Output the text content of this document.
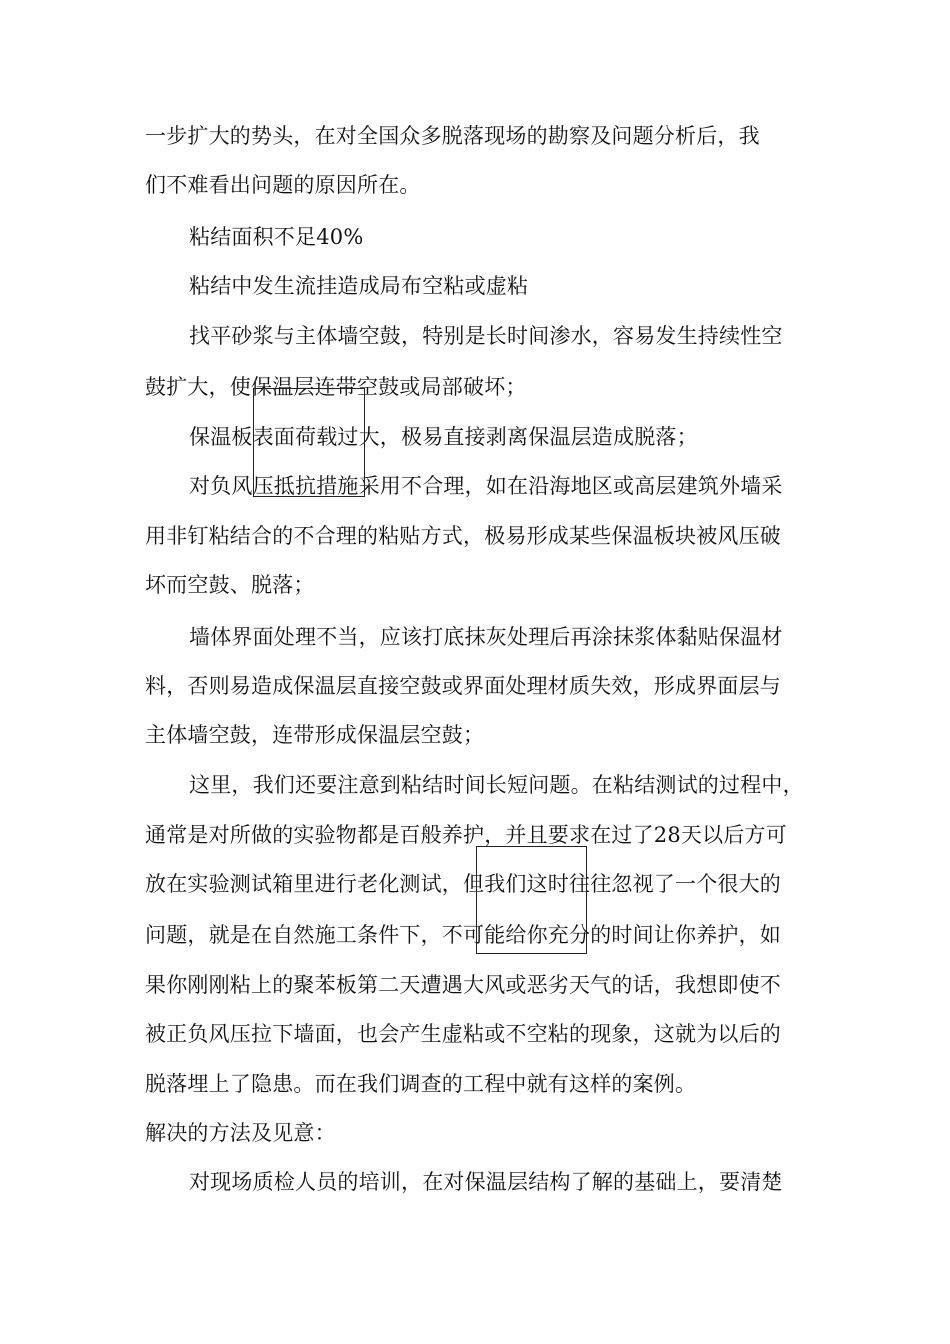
一步扩大的势头，在对全国众多脱落现场的勘察及问题分析后，我
们不难看出问题的原因所在。
粘结面积不足40%
粘结中发生流挂造成局布空粘或虚粘
找平砂浆与主体墙空鼓，特别是长时间渗水，容易发生持续性空
鼓扩大，使保温层连带空鼓或局部破坏；
保温板表面荷载过大，极易直接剥离保温层造成脱落；
对负风压抵抗措施采用不合理，如在沿海地区或高层建筑外墙采
用非钉粘结合的不合理的粘贴方式，极易形成某些保温板块被风压破
坏而空鼓、脱落；
墙体界面处理不当，应该打底抹灰处理后再涂抹浆体黏贴保温材
料，否则易造成保温层直接空鼓或界面处理材质失效，形成界面层与
主体墙空鼓，连带形成保温层空鼓；
这里，我们还要注意到粘结时间长短问题。在粘结测试的过程中，
通常是对所做的实验物都是百般养护，并且要求在过了28天以后方可
放在实验测试箱里进行老化测试，但我们这时往往忽视了一个很大的
问题，就是在自然施工条件下，不可能给你充分的时间让你养护，如
果你刚刚粘上的聚苯板第二天遭遇大风或恶劣天气的话，我想即使不
被正负风压拉下墙面，也会产生虚粘或不空粘的现象，这就为以后的
脱落埋上了隐患。而在我们调查的工程中就有这样的案例。
解决的方法及见意：
对现场质检人员的培训，在对保温层结构了解的基础上，要清楚
